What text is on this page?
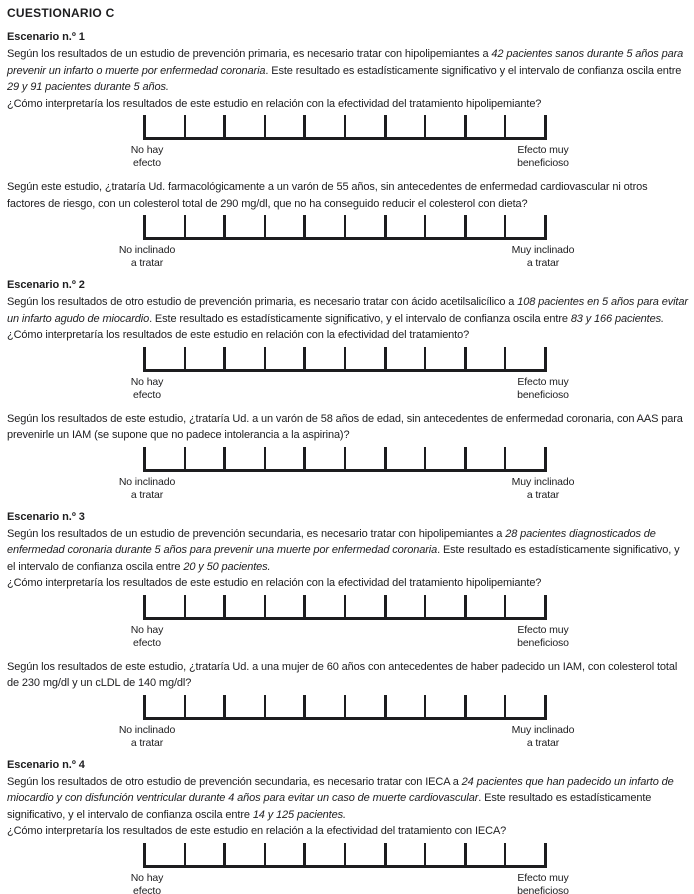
CUESTIONARIO C
Escenario n.º 1

Según los resultados de un estudio de prevención primaria, es necesario tratar con hipolipemiantes a 42 pacientes sanos durante 5 años para prevenir un infarto o muerte por enfermedad coronaria. Este resultado es estadísticamente significativo y el intervalo de confianza oscila entre 29 y 91 pacientes durante 5 años.

¿Cómo interpretaría los resultados de este estudio en relación con la efectividad del tratamiento hipolipemiante?

No hay
efecto
Efecto muy
beneficioso

Según este estudio, ¿trataría Ud. farmacológicamente a un varón de 55 años, sin antecedentes de enfermedad cardiovascular ni otros factores de riesgo, con un colesterol total de 290 mg/dl, que no ha conseguido reducir el colesterol con dieta?

No inclinado
a tratar
Muy inclinado
a tratar
Escenario n.º 2

Según los resultados de otro estudio de prevención primaria, es necesario tratar con ácido acetilsalicílico a 108 pacientes en 5 años para evitar un infarto agudo de miocardio. Este resultado es estadísticamente significativo, y el intervalo de confianza oscila entre 83 y 166 pacientes.

¿Cómo interpretaría los resultados de este estudio en relación con la efectividad del tratamiento?

No hay
efecto
Efecto muy
beneficioso

Según los resultados de este estudio, ¿trataría Ud. a un varón de 58 años de edad, sin antecedentes de enfermedad coronaria, con AAS para prevenirle un IAM (se supone que no padece intolerancia a la aspirina)?

No inclinado
a tratar
Muy inclinado
a tratar
Escenario n.º 3

Según los resultados de un estudio de prevención secundaria, es necesario tratar con hipolipemiantes a 28 pacientes diagnosticados de enfermedad coronaria durante 5 años para prevenir una muerte por enfermedad coronaria. Este resultado es estadísticamente significativo, y el intervalo de confianza oscila entre 20 y 50 pacientes.

¿Cómo interpretaría los resultados de este estudio en relación con la efectividad del tratamiento hipolipemiante?

No hay
efecto
Efecto muy
beneficioso

Según los resultados de este estudio, ¿trataría Ud. a una mujer de 60 años con antecedentes de haber padecido un IAM, con colesterol total de 230 mg/dl y un cLDL de 140 mg/dl?

No inclinado
a tratar
Muy inclinado
a tratar
Escenario n.º 4

Según los resultados de otro estudio de prevención secundaria, es necesario tratar con IECA a 24 pacientes que han padecido un infarto de miocardio y con disfunción ventricular durante 4 años para evitar un caso de muerte cardiovascular. Este resultado es estadísticamente significativo, y el intervalo de confianza oscila entre 14 y 125 pacientes.

¿Cómo interpretaría los resultados de este estudio en relación a la efectividad del tratamiento con IECA?

No hay
efecto
Efecto muy
beneficioso
